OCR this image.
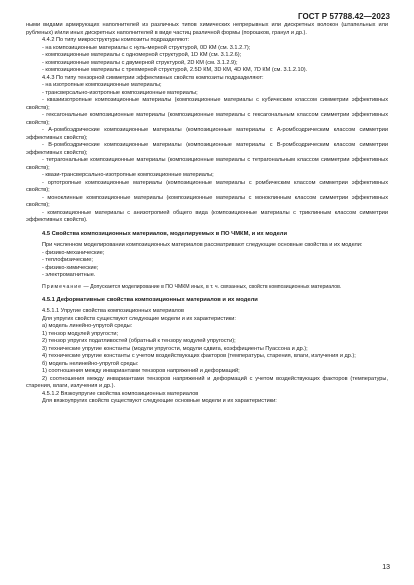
ГОСТ Р 57788.42—2023

ными видами армирующих наполнителей из различных типов химических непрерывных или дискретных волокон (штапельных или рубленых) и/или иных дискретных наполнителей в виде частиц различной формы (порошков, гранул и др.).

4.4.2 По типу микроструктуры композиты подразделяют:

- на композиционные материалы с нуль-мерной структурой, 0D КМ (см. 3.1.2.7);

- композиционные материалы с одномерной структурой, 1D КМ (см. 3.1.2.6);

- композиционные материалы с двумерной структурой, 2D КМ (см. 3.1.2.9);

- композиционные материалы с трехмерной структурой, 2.5D КМ, 3D КМ, 4D КМ, 7D КМ (см. 3.1.2.10).

4.4.3 По типу тензорной симметрии эффективных свойств композиты подразделяют:

- на изотропные композиционные материалы;

- трансверсально-изотропные композиционные материалы;

- квазиизотропные композиционные материалы (композиционные материалы с кубическим классом симметрии эффективных свойств);

- гексагональные композиционные материалы (композиционные материалы с гексагональным классом симметрии эффективных свойств);

- А-ромбоэдрические композиционные материалы (композиционные материалы с А-ромбоэдрическим классом симметрии эффективных свойств);

- В-ромбоэдрические композиционные материалы (композиционные материалы с В-ромбоэдрическим классом симметрии эффективных свойств);

- тетрагональные композиционные материалы (композиционные материалы с тетрагональным классом симметрии эффективных свойств);

- квази-трансверсально-изотропные композиционные материалы;

- ортотропные композиционные материалы (композиционные материалы с ромбическим классом симметрии эффективных свойств);

- моноклинные композиционные материалы (композиционные материалы с моноклинным классом симметрии эффективных свойств);

- композиционные материалы с анизотропией общего вида (композиционные материалы с триклинным классом симметрии эффективных свойств).

4.5 Свойства композиционных материалов, моделируемых в ПО ЧМКМ, и их модели

При численном моделировании композиционных материалов рассматривают следующие основные свойства и их модели:

- физико-механические;

- теплофизические;

- физико-химические;

- электромагнитные.

Примечание — Допускается моделирование в ПО ЧМКМ иных, в т. ч. связанных, свойств композиционных материалов.

4.5.1 Деформативные свойства композиционных материалов и их модели

4.5.1.1 Упругие свойства композиционных материалов

Для упругих свойств существуют следующие модели и их характеристики:

а) модель линейно-упругой среды:

1) тензор модулей упругости;

2) тензор упругих податливостей (обратный к тензору модулей упругости);

3) технические упругие константы (модули упругости, модули сдвига, коэффициенты Пуассона и др.);

4) технические упругие константы с учетом воздействующих факторов (температуры, старения, влаги, излучения и др.);

б) модель нелинейно-упругой среды:

1) соотношения между инвариантами тензоров напряжений и деформаций;

2) соотношения между инвариантами тензоров напряжений и деформаций с учетом воздействующих факторов (температуры, старения, влаги, излучения и др.).

4.5.1.2 Вязкоупругие свойства композиционных материалов

Для вязкоупругих свойств существуют следующие основные модели и их характеристики:

13
